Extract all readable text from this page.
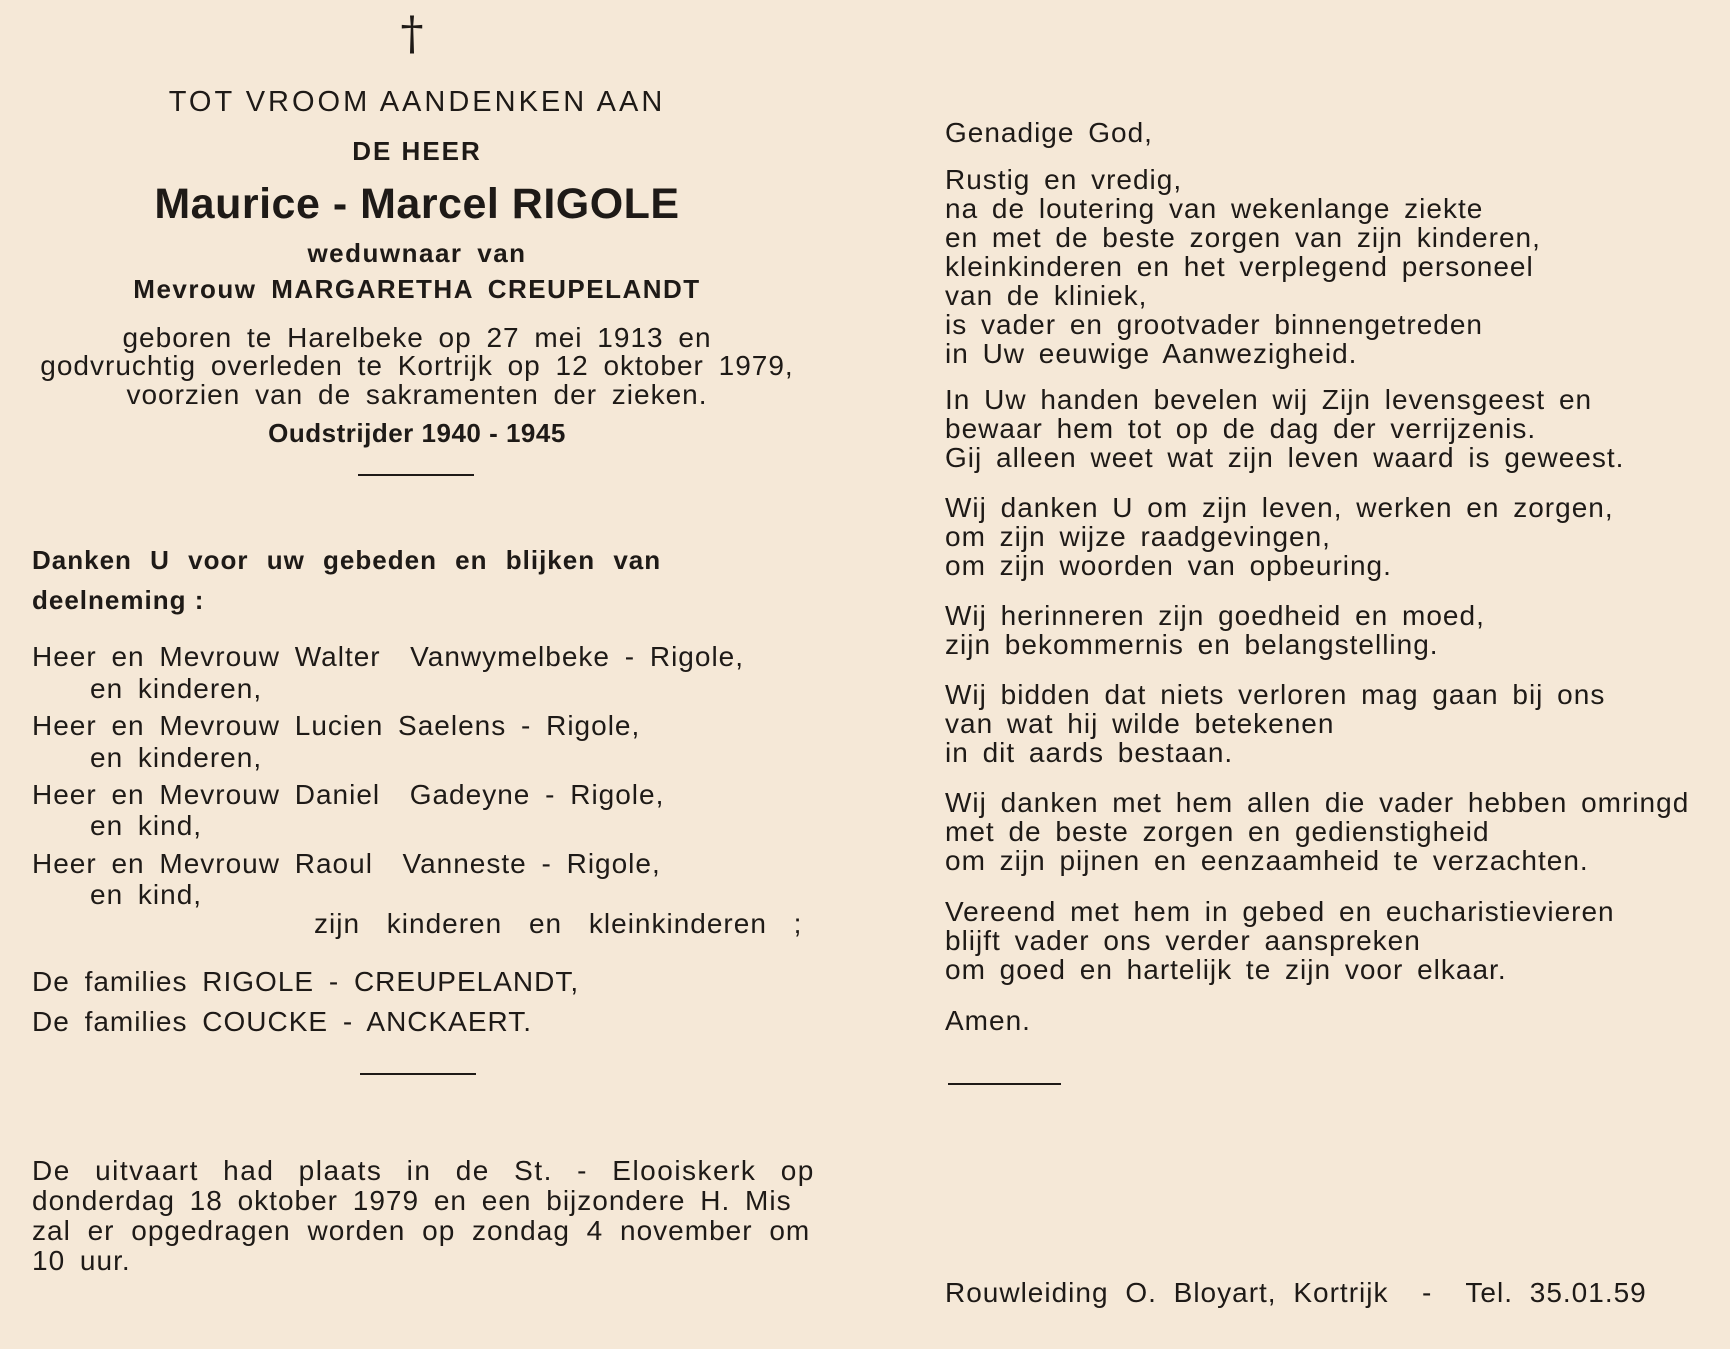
†
TOT VROOM AANDENKEN AAN
DE HEER
Maurice - Marcel RIGOLE
weduwnaar van
Mevrouw MARGARETHA CREUPELANDT
geboren te Harelbeke op 27 mei 1913 en
godvruchtig overleden te Kortrijk op 12 oktober 1979,
voorzien van de sakramenten der zieken.
Oudstrijder 1940 - 1945
Danken U voor uw gebeden en blijken van
deelneming :
Heer en Mevrouw Walter  Vanwymelbeke - Rigole,
en kinderen,
Heer en Mevrouw Lucien Saelens - Rigole,
en kinderen,
Heer en Mevrouw Daniel  Gadeyne - Rigole,
en kind,
Heer en Mevrouw Raoul  Vanneste - Rigole,
en kind,
zijn kinderen en kleinkinderen ;
De families RIGOLE - CREUPELANDT,
De families COUCKE - ANCKAERT.
De uitvaart had plaats in de St. - Elooiskerk op
donderdag 18 oktober 1979 en een bijzondere H. Mis
zal er opgedragen worden op zondag 4 november om
10 uur.
Genadige God,
Rustig en vredig,
na de loutering van wekenlange ziekte
en met de beste zorgen van zijn kinderen,
kleinkinderen en het verplegend personeel
van de kliniek,
is vader en grootvader binnengetreden
in Uw eeuwige Aanwezigheid.
In Uw handen bevelen wij Zijn levensgeest en
bewaar hem tot op de dag der verrijzenis.
Gij alleen weet wat zijn leven waard is geweest.
Wij danken U om zijn leven, werken en zorgen,
om zijn wijze raadgevingen,
om zijn woorden van opbeuring.
Wij herinneren zijn goedheid en moed,
zijn bekommernis en belangstelling.
Wij bidden dat niets verloren mag gaan bij ons
van wat hij wilde betekenen
in dit aards bestaan.
Wij danken met hem allen die vader hebben omringd
met de beste zorgen en gedienstigheid
om zijn pijnen en eenzaamheid te verzachten.
Vereend met hem in gebed en eucharistievieren
blijft vader ons verder aanspreken
om goed en hartelijk te zijn voor elkaar.
Amen.
Rouwleiding O. Bloyart, Kortrijk  -  Tel. 35.01.59
